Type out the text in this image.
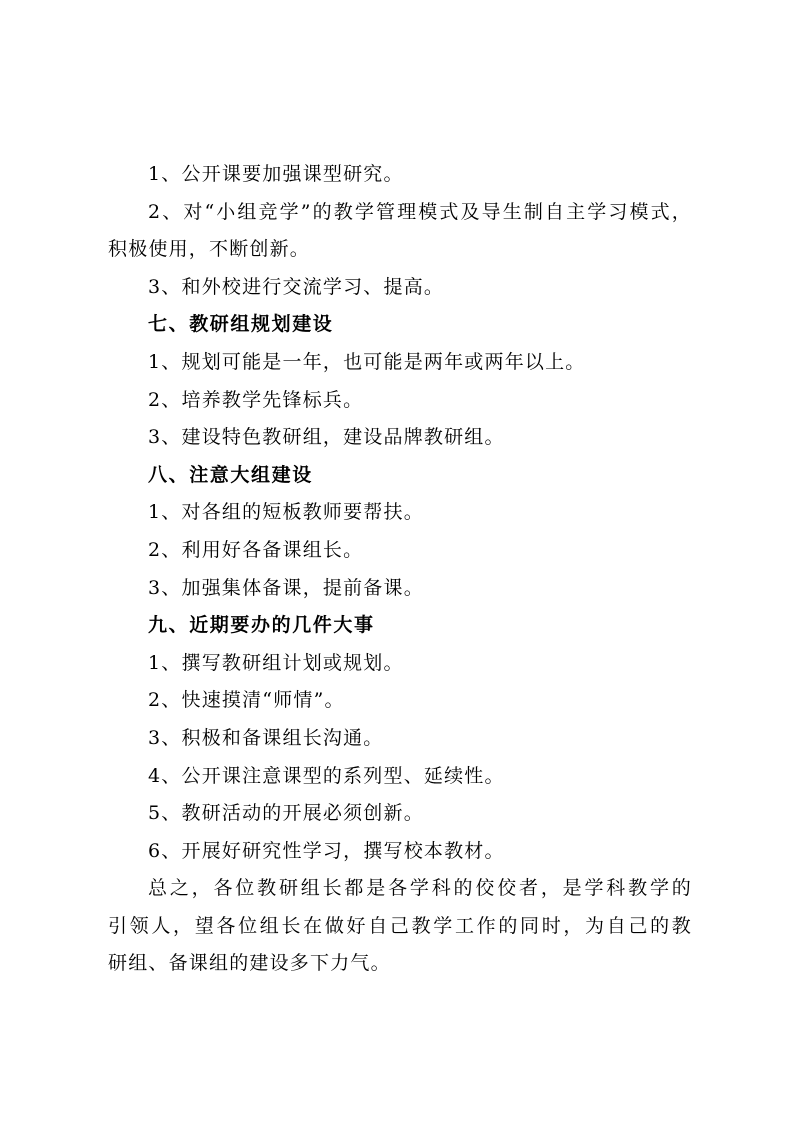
1、公开课要加强课型研究。
2、对“小组竞学”的教学管理模式及导生制自主学习模式，
积极使用，不断创新。
3、和外校进行交流学习、提高。
七、教研组规划建设
1、规划可能是一年，也可能是两年或两年以上。
2、培养教学先锋标兵。
3、建设特色教研组，建设品牌教研组。
八、注意大组建设
1、对各组的短板教师要帮扶。
2、利用好各备课组长。
3、加强集体备课，提前备课。
九、近期要办的几件大事
1、撰写教研组计划或规划。
2、快速摸清“师情”。
3、积极和备课组长沟通。
4、公开课注意课型的系列型、延续性。
5、教研活动的开展必须创新。
6、开展好研究性学习，撰写校本教材。
总之，各位教研组长都是各学科的佼佼者，是学科教学的
引领人，望各位组长在做好自己教学工作的同时，为自己的教
研组、备课组的建设多下力气。
